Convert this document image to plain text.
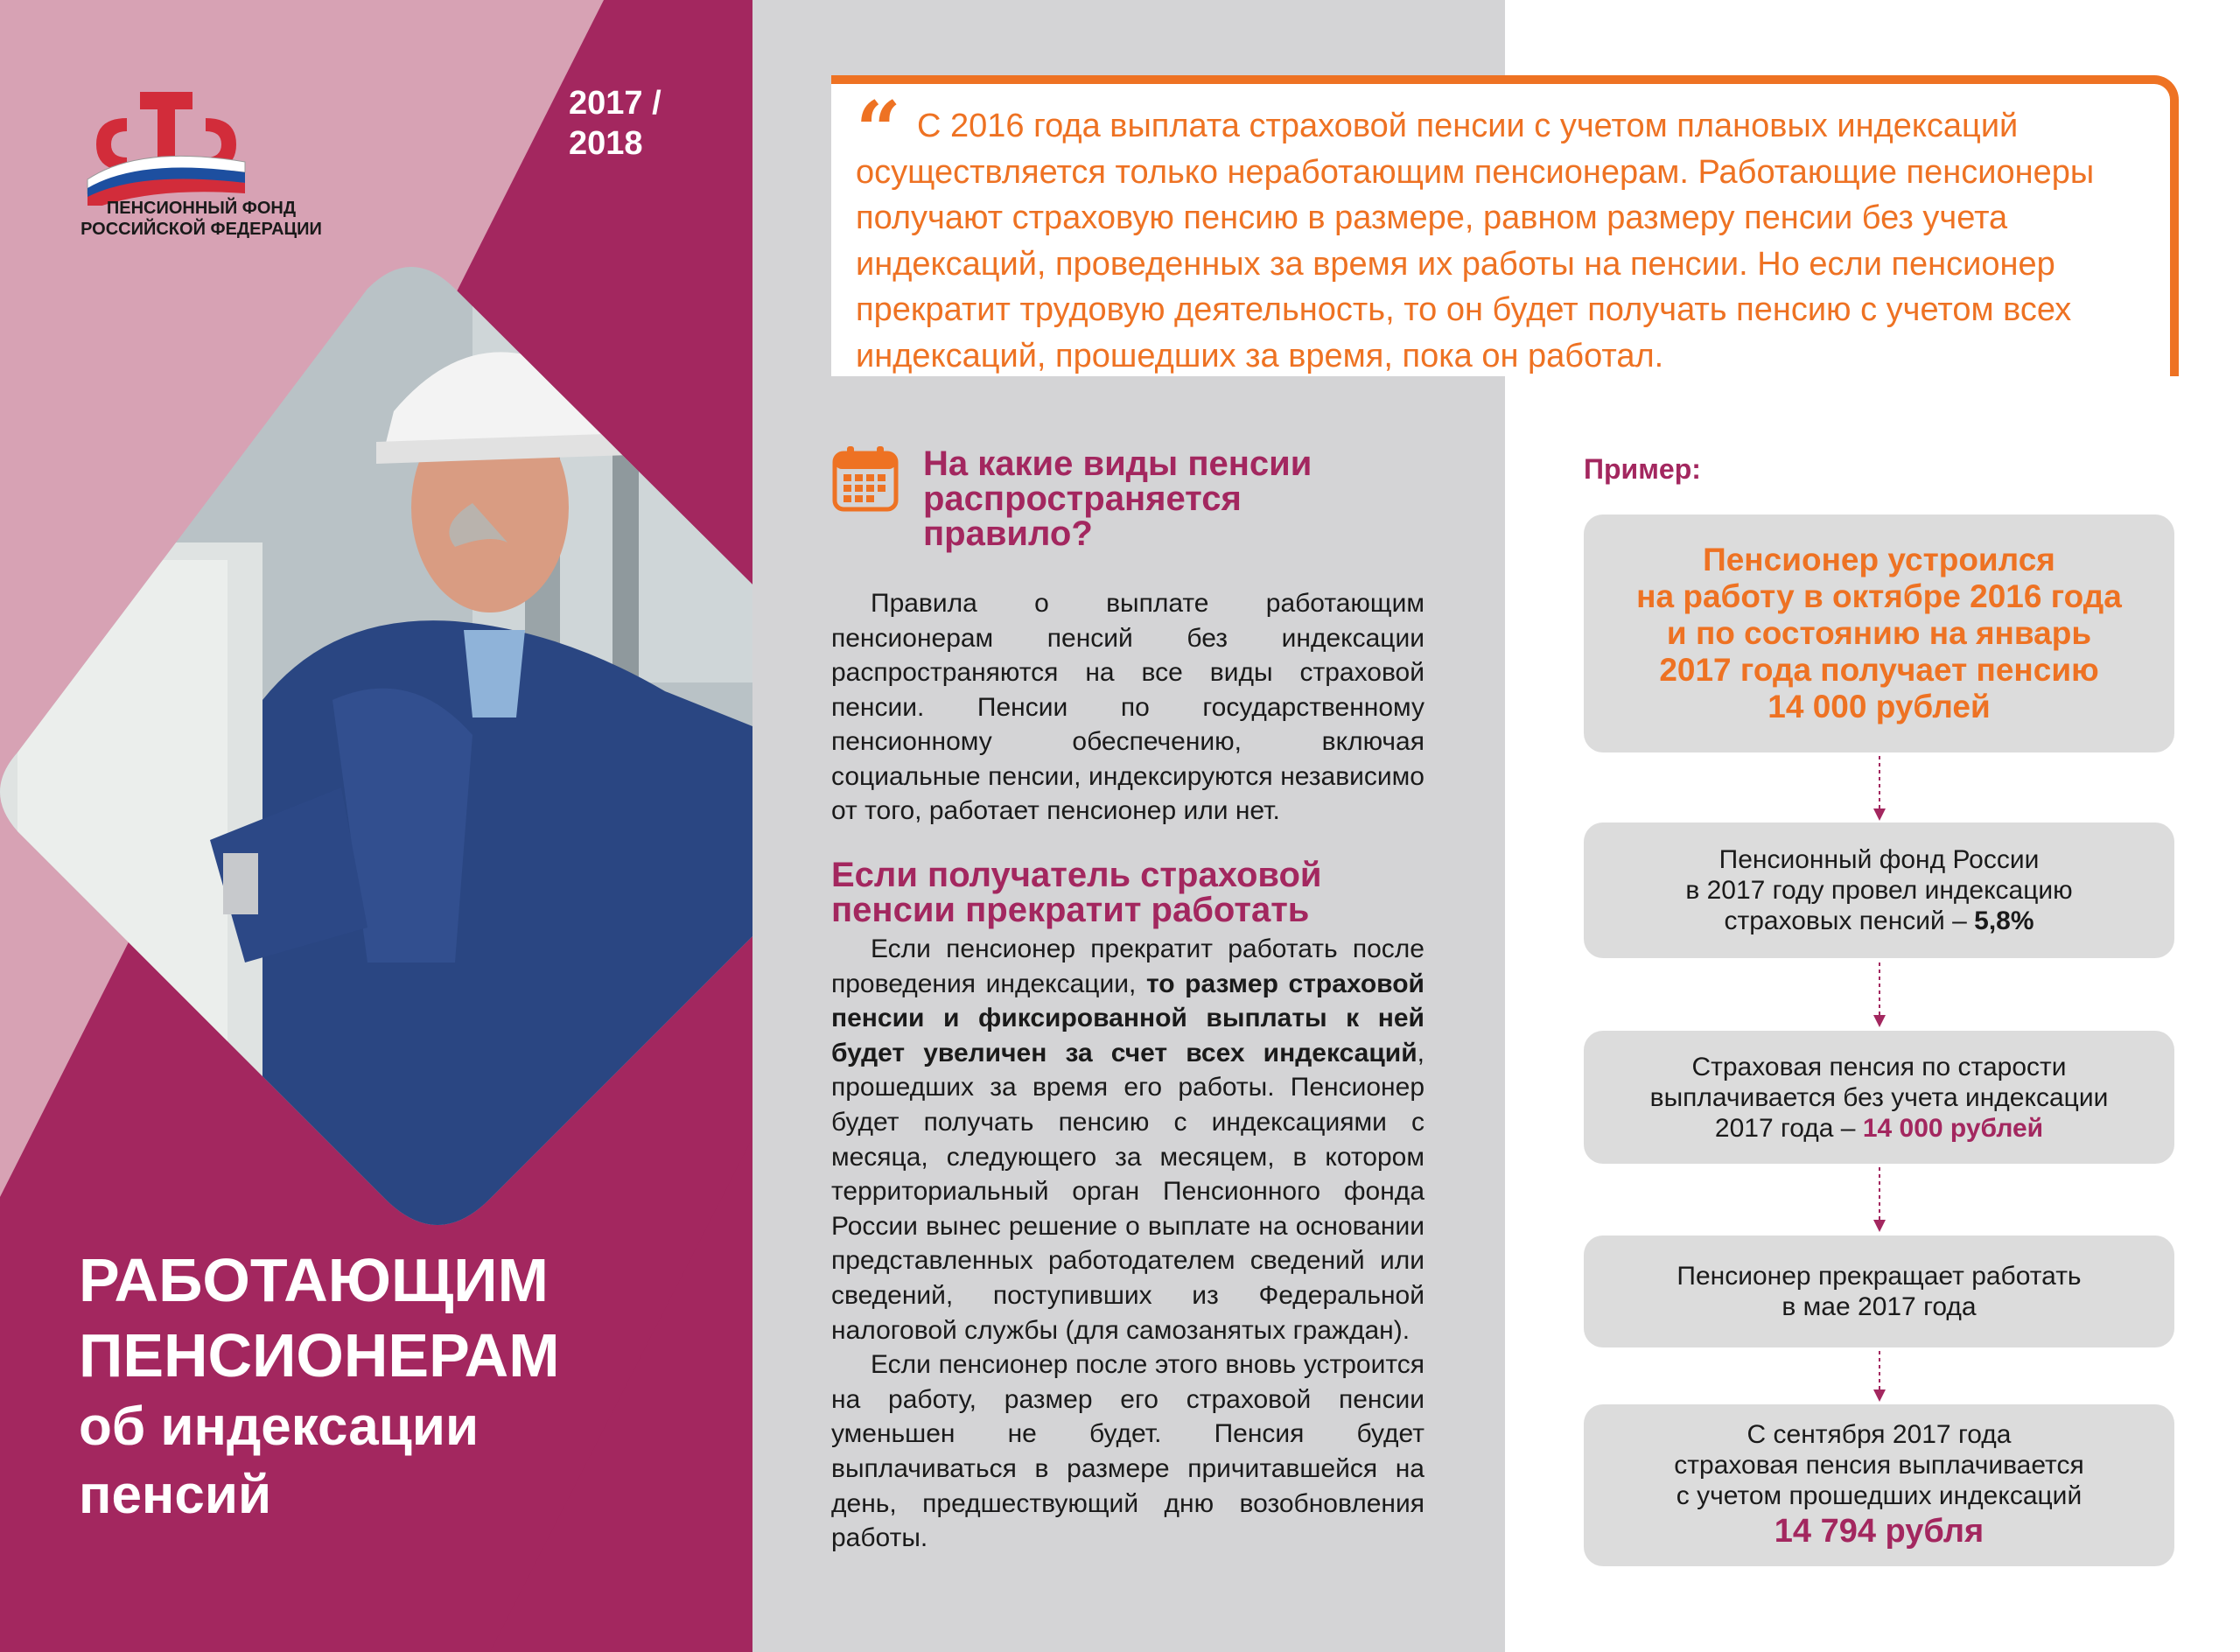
ПЕНСИОННЫЙ ФОНД
РОССИЙСКОЙ ФЕДЕРАЦИИ
2017 /
2018
РАБОТАЮЩИМ
ПЕНСИОНЕРАМ
об индексации
пенсий
“ С 2016 года выплата страховой пенсии с учетом плановых индексаций осуществляется только неработающим пенсионерам. Работающие пенсионеры получают страховую пенсию в размере, равном размеру пенсии без учета индексаций, проведенных за время их работы на пенсии. Но если пенсионер прекратит трудовую деятельность, то он будет получать пенсию с учетом всех индексаций, прошедших за время, пока он работал.
На какие виды пенсии
распространяется
правило?
Правила о выплате работающим пенсионерам пенсий без индексации распространяются на все виды страховой пенсии. Пенсии по государственному пенсионному обеспечению, включая социальные пенсии, индексируются независимо от того, работает пенсионер или нет.
Если получатель страховой
пенсии прекратит работать
Если пенсионер прекратит работать после проведения индексации, то размер страховой пенсии и фиксированной выплаты к ней будет увеличен за счет всех индексаций, прошедших за время его работы. Пенсионер будет получать пенсию с индексациями с месяца, следующего за месяцем, в котором территориальный орган Пенсионного фонда России вынес решение о выплате на основании представленных работодателем сведений или сведений, поступивших из Федеральной налоговой службы (для самозанятых граждан).
Если пенсионер после этого вновь устроится на работу, размер его страховой пенсии уменьшен не будет. Пенсия будет выплачиваться в размере причитавшейся на день, предшествующий дню возобновления работы.
Пример:
Пенсионер устроился
на работу в октябре 2016 года
и по состоянию на январь
2017 года получает пенсию
14 000 рублей
Пенсионный фонд России
в 2017 году провел индексацию
страховых пенсий – 5,8%
Страховая пенсия по старости
выплачивается без учета индексации
2017 года – 14 000 рублей
Пенсионер прекращает работать
в мае 2017 года
С сентября 2017 года
страховая пенсия выплачивается
с учетом прошедших индексаций
14 794 рубля
